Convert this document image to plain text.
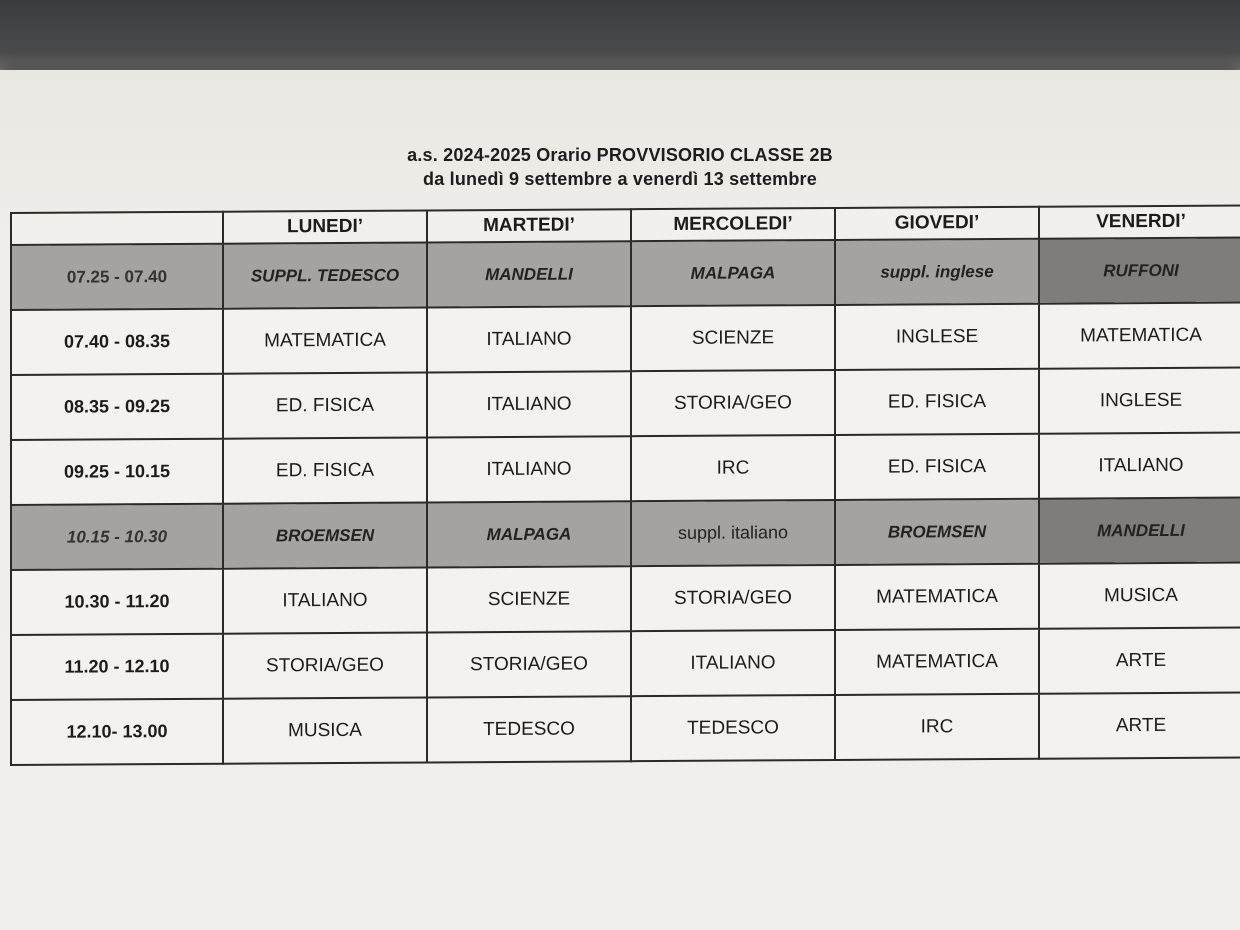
a.s. 2024-2025 Orario PROVVISORIO CLASSE 2B
da lunedì 9 settembre a venerdì 13 settembre
	LUNEDI’	MARTEDI’	MERCOLEDI’	GIOVEDI’	VENERDI’
07.25 - 07.40	SUPPL. TEDESCO	MANDELLI	MALPAGA	suppl. inglese	RUFFONI
07.40 - 08.35	MATEMATICA	ITALIANO	SCIENZE	INGLESE	MATEMATICA
08.35 - 09.25	ED. FISICA	ITALIANO	STORIA/GEO	ED. FISICA	INGLESE
09.25 - 10.15	ED. FISICA	ITALIANO	IRC	ED. FISICA	ITALIANO
10.15 - 10.30	BROEMSEN	MALPAGA	suppl. italiano	BROEMSEN	MANDELLI
10.30 - 11.20	ITALIANO	SCIENZE	STORIA/GEO	MATEMATICA	MUSICA
11.20 - 12.10	STORIA/GEO	STORIA/GEO	ITALIANO	MATEMATICA	ARTE
12.10- 13.00	MUSICA	TEDESCO	TEDESCO	IRC	ARTE
